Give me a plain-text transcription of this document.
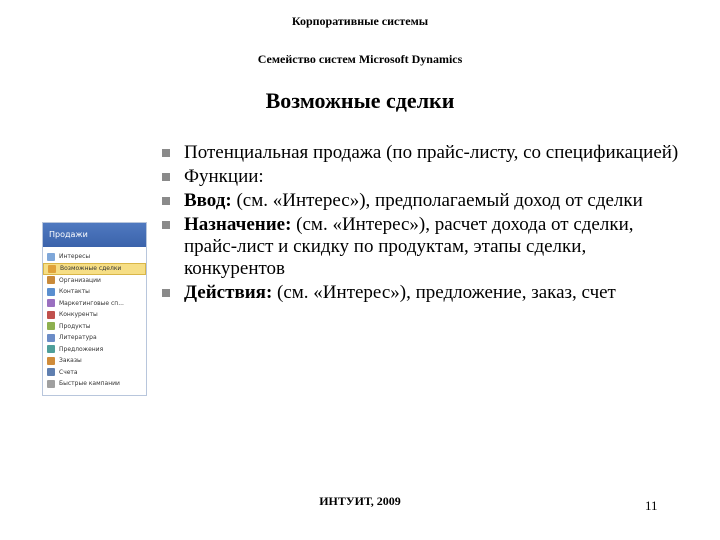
Корпоративные системы
Семейство систем Microsoft Dynamics
Возможные сделки
Потенциальная продажа (по прайс-листу, со спецификацией)
Функции:
Ввод: (см. «Интерес»), предполагаемый доход от сделки
Назначение: (см. «Интерес»), расчет дохода от сделки, прайс-лист и скидку по продуктам, этапы сделки, конкурентов
Действия: (см. «Интерес»), предложение, заказ, счет
Продажи
Интересы
Возможные сделки
Организации
Контакты
Маркетинговые сп...
Конкуренты
Продукты
Литература
Предложения
Заказы
Счета
Быстрые кампании
ИНТУИТ, 2009	11
